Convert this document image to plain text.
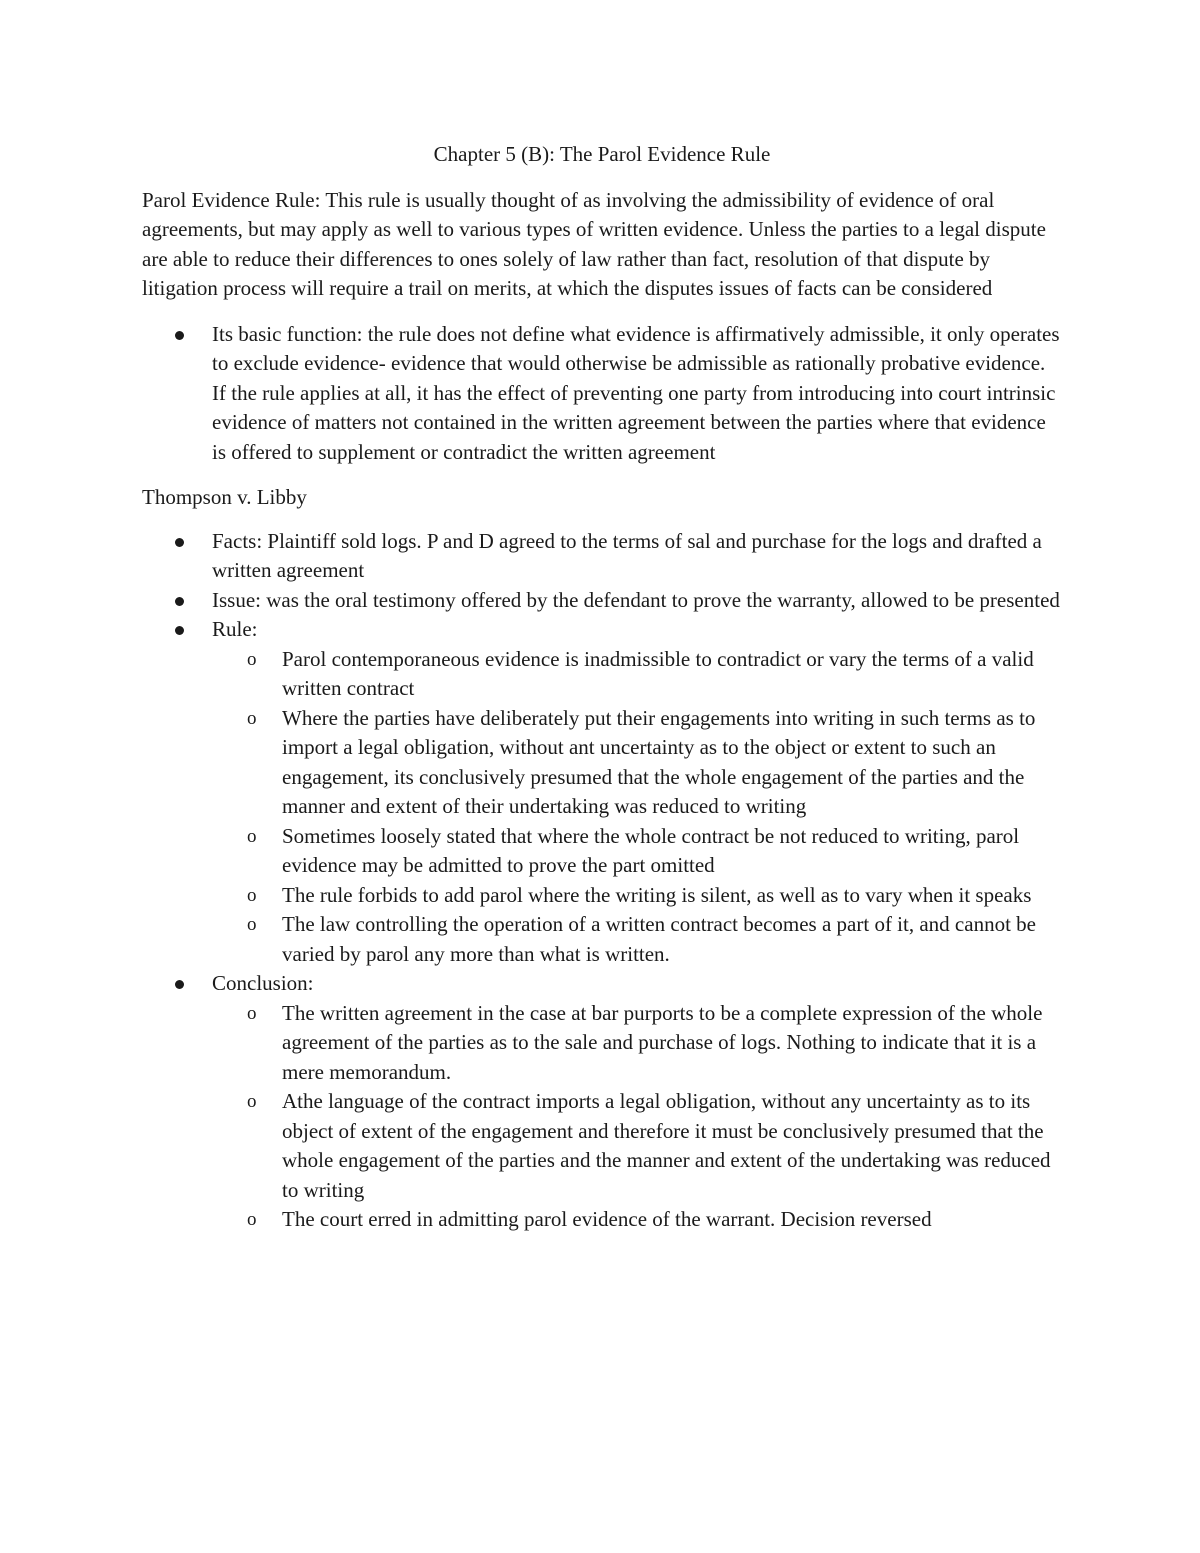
Chapter 5 (B): The Parol Evidence Rule
Parol Evidence Rule: This rule is usually thought of as involving the admissibility of evidence of oral agreements, but may apply as well to various types of written evidence. Unless the parties to a legal dispute are able to reduce their differences to ones solely of law rather than fact, resolution of that dispute by litigation process will require a trail on merits, at which the disputes issues of facts can be considered
Its basic function: the rule does not define what evidence is affirmatively admissible, it only operates to exclude evidence- evidence that would otherwise be admissible as rationally probative evidence. If the rule applies at all, it has the effect of preventing one party from introducing into court intrinsic evidence of matters not contained in the written agreement between the parties where that evidence is offered to supplement or contradict the written agreement
Thompson v. Libby
Facts: Plaintiff sold logs. P and D agreed to the terms of sal and purchase for the logs and drafted a written agreement
Issue: was the oral testimony offered by the defendant to prove the warranty, allowed to be presented
Rule:
o Parol contemporaneous evidence is inadmissible to contradict or vary the terms of a valid written contract
o Where the parties have deliberately put their engagements into writing in such terms as to import a legal obligation, without ant uncertainty as to the object or extent to such an engagement, its conclusively presumed that the whole engagement of the parties and the manner and extent of their undertaking was reduced to writing
o Sometimes loosely stated that where the whole contract be not reduced to writing, parol evidence may be admitted to prove the part omitted
o The rule forbids to add parol where the writing is silent, as well as to vary when it speaks
o The law controlling the operation of a written contract becomes a part of it, and cannot be varied by parol any more than what is written.
Conclusion:
o The written agreement in the case at bar purports to be a complete expression of the whole agreement of the parties as to the sale and purchase of logs. Nothing to indicate that it is a mere memorandum.
o Athe language of the contract imports a legal obligation, without any uncertainty as to its object of extent of the engagement and therefore it must be conclusively presumed that the whole engagement of the parties and the manner and extent of the undertaking was reduced to writing
o The court erred in admitting parol evidence of the warrant. Decision reversed
